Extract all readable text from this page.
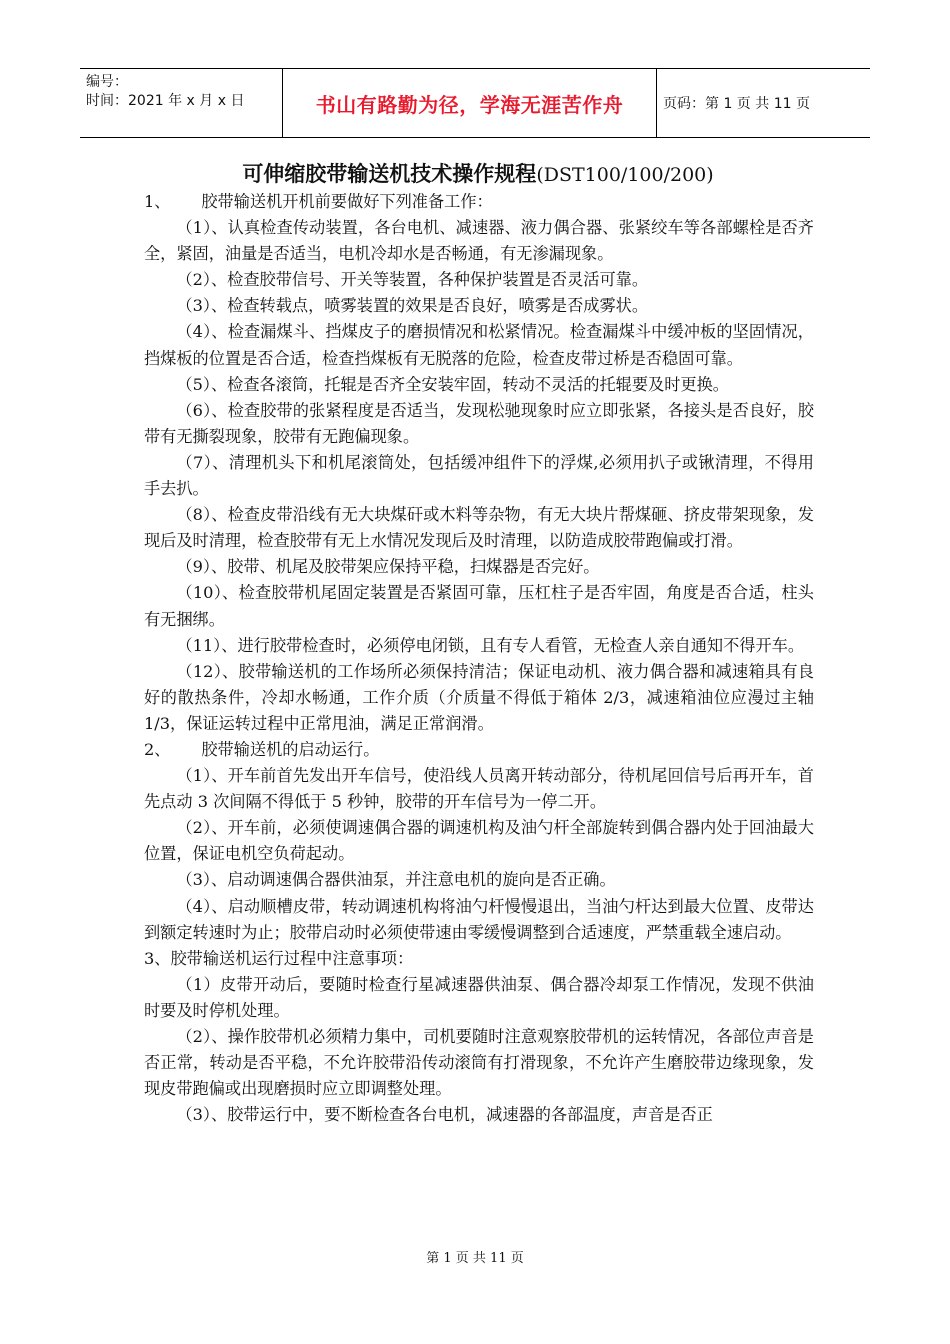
编号：
时间：2021 年 x 月 x 日	书山有路勤为径，学海无涯苦作舟	页码：第 1 页 共 11 页
可伸缩胶带输送机技术操作规程(DST100/100/200)
1、      胶带输送机开机前要做好下列准备工作：

（1）、认真检查传动装置，各台电机、减速器、液力偶合器、张紧绞车等各部螺栓是否齐全，紧固，油量是否适当，电机冷却水是否畅通，有无渗漏现象。

（2）、检查胶带信号、开关等装置，各种保护装置是否灵活可靠。

（3）、检查转载点，喷雾装置的效果是否良好，喷雾是否成雾状。

（4）、检查漏煤斗、挡煤皮子的磨损情况和松紧情况。检查漏煤斗中缓冲板的坚固情况，挡煤板的位置是否合适，检查挡煤板有无脱落的危险，检查皮带过桥是否稳固可靠。

（5）、检查各滚筒，托辊是否齐全安装牢固，转动不灵活的托辊要及时更换。

（6）、检查胶带的张紧程度是否适当，发现松驰现象时应立即张紧，各接头是否良好，胶带有无撕裂现象，胶带有无跑偏现象。

（7）、清理机头下和机尾滚筒处，包括缓冲组件下的浮煤,必须用扒子或锹清理，不得用手去扒。

（8）、检查皮带沿线有无大块煤矸或木料等杂物，有无大块片帮煤砸、挤皮带架现象，发现后及时清理，检查胶带有无上水情况发现后及时清理，以防造成胶带跑偏或打滑。

（9）、胶带、机尾及胶带架应保持平稳，扫煤器是否完好。

（10）、检查胶带机尾固定装置是否紧固可靠，压杠柱子是否牢固，角度是否合适，柱头有无捆绑。

（11）、进行胶带检查时，必须停电闭锁，且有专人看管，无检查人亲自通知不得开车。

（12）、胶带输送机的工作场所必须保持清洁；保证电动机、液力偶合器和减速箱具有良好的散热条件，冷却水畅通，工作介质（介质量不得低于箱体 2/3，减速箱油位应漫过主轴 1/3，保证运转过程中正常甩油，满足正常润滑。

2、      胶带输送机的启动运行。

（1）、开车前首先发出开车信号，使沿线人员离开转动部分，待机尾回信号后再开车，首先点动 3 次间隔不得低于 5 秒钟，胶带的开车信号为一停二开。

（2）、开车前，必须使调速偶合器的调速机构及油勺杆全部旋转到偶合器内处于回油最大位置，保证电机空负荷起动。

（3）、启动调速偶合器供油泵，并注意电机的旋向是否正确。

（4）、启动顺槽皮带，转动调速机构将油勺杆慢慢退出，当油勺杆达到最大位置、皮带达到额定转速时为止；胶带启动时必须使带速由零缓慢调整到合适速度，严禁重载全速启动。

3、胶带输送机运行过程中注意事项：

（1）皮带开动后，要随时检查行星减速器供油泵、偶合器冷却泵工作情况，发现不供油时要及时停机处理。

（2）、操作胶带机必须精力集中，司机要随时注意观察胶带机的运转情况，各部位声音是否正常，转动是否平稳，不允许胶带沿传动滚筒有打滑现象，不允许产生磨胶带边缘现象，发现皮带跑偏或出现磨损时应立即调整处理。

（3）、胶带运行中，要不断检查各台电机，减速器的各部温度，声音是否正

第 1 页 共 11 页
